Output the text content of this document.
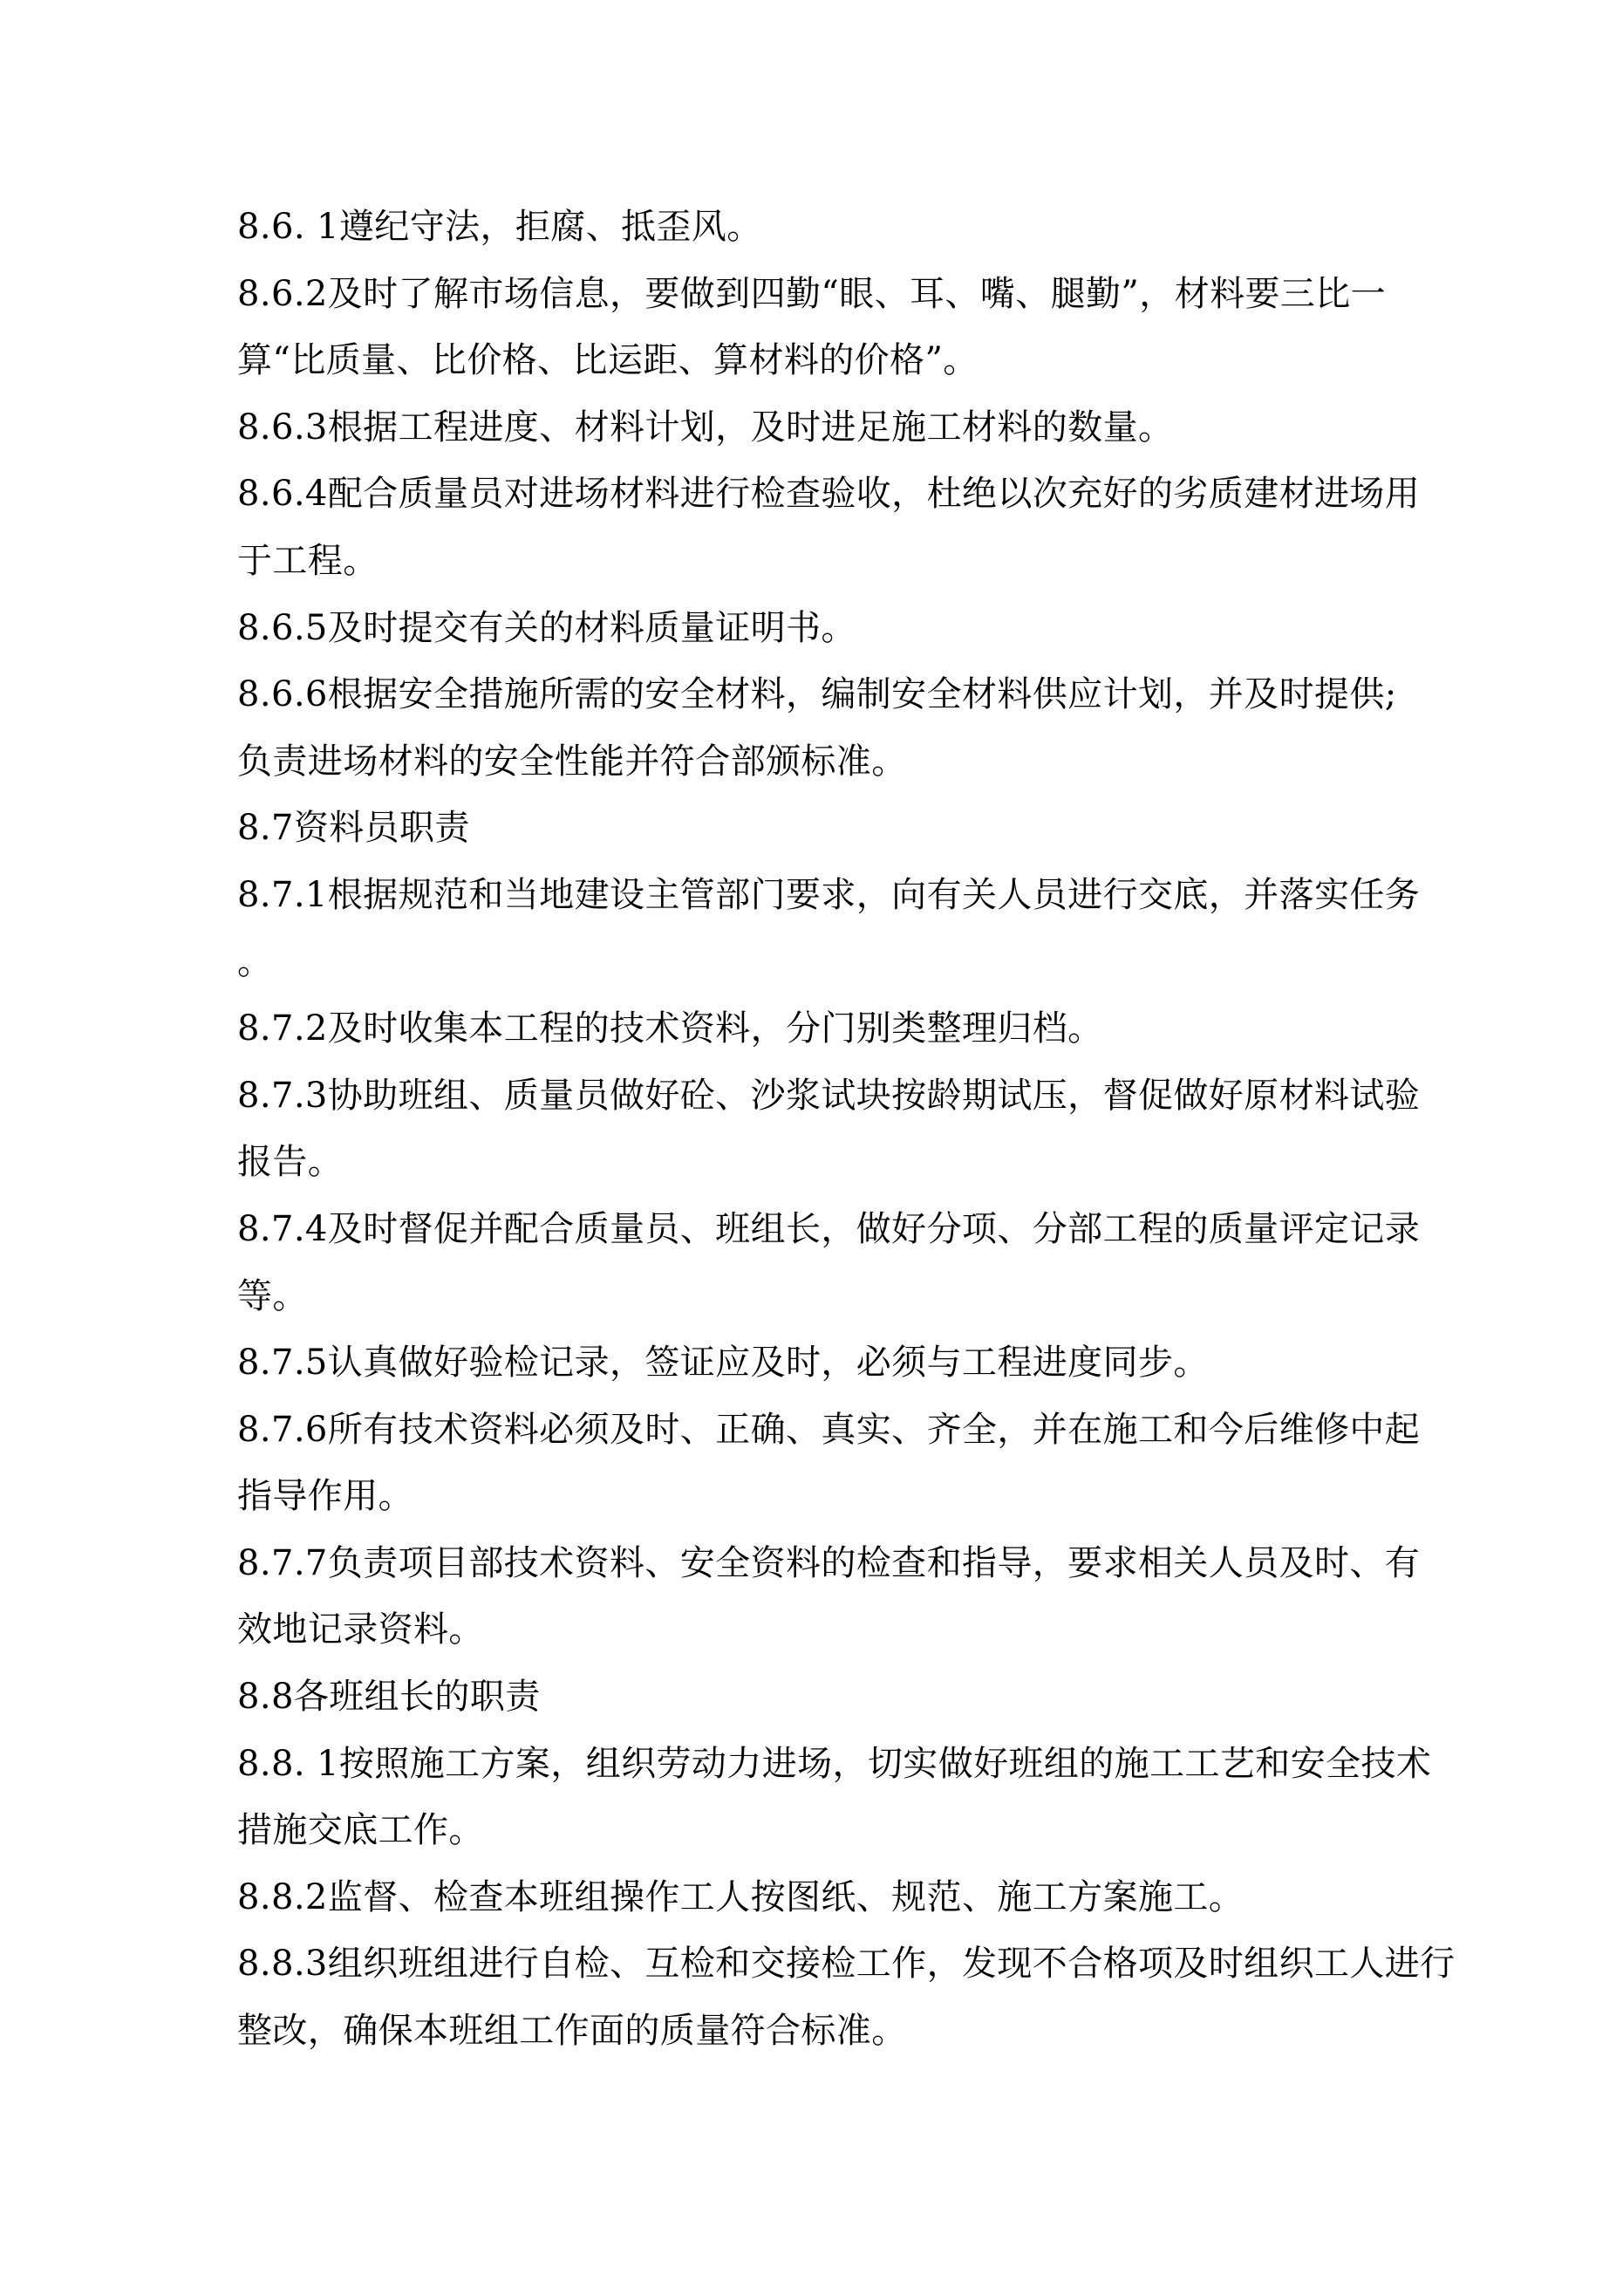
8.6. 1遵纪守法，拒腐、抵歪风。
8.6.2及时了解市场信息，要做到四勤“眼、耳、嘴、腿勤”，材料要三比一
算“比质量、比价格、比运距、算材料的价格”。
8.6.3根据工程进度、材料计划，及时进足施工材料的数量。
8.6.4配合质量员对进场材料进行检查验收，杜绝以次充好的劣质建材进场用
于工程。
8.6.5及时提交有关的材料质量证明书。
8.6.6根据安全措施所需的安全材料，编制安全材料供应计划，并及时提供;
负责进场材料的安全性能并符合部颁标准。
8.7资料员职责
8.7.1根据规范和当地建设主管部门要求，向有关人员进行交底，并落实任务
。
8.7.2及时收集本工程的技术资料，分门别类整理归档。
8.7.3协助班组、质量员做好砼、沙浆试块按龄期试压，督促做好原材料试验
报告。
8.7.4及时督促并配合质量员、班组长，做好分项、分部工程的质量评定记录
等。
8.7.5认真做好验检记录，签证应及时，必须与工程进度同步。
8.7.6所有技术资料必须及时、正确、真实、齐全，并在施工和今后维修中起
指导作用。
8.7.7负责项目部技术资料、安全资料的检查和指导，要求相关人员及时、有
效地记录资料。
8.8各班组长的职责
8.8. 1按照施工方案，组织劳动力进场，切实做好班组的施工工艺和安全技术
措施交底工作。
8.8.2监督、检查本班组操作工人按图纸、规范、施工方案施工。
8.8.3组织班组进行自检、互检和交接检工作，发现不合格项及时组织工人进行
整改，确保本班组工作面的质量符合标准。
